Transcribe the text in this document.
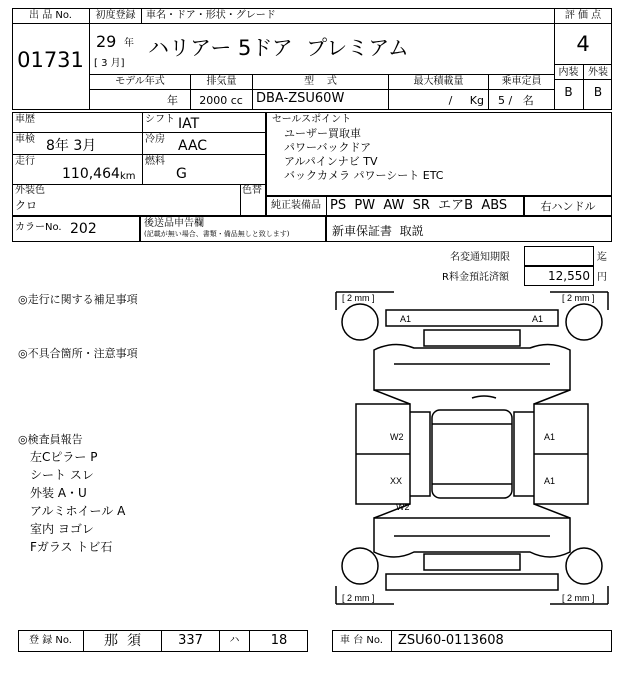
出 品 No.
01731
初度登録
29 年
[ 3 月]
車名・ドア・形状・グレード
ハリアー 5ドア  プレミアム
評 価 点
4
内装 外装
B	B
モデル年式
年
排気量
2000 cc
型    式
DBA-ZSU60W
最大積載量
/     Kg
乗車定員
5 /   名
車歴
車検 8年 3月
走行
110,464 km
外装色
クロ
色替
シフト IAT
冷房 AAC
燃料
G
カラーNo. 202	後送品申告欄
(記載が無い場合、書類・備品無しと致します)
セールスポイント
ユーザー買取車
パワーバックドア
アルパインナビ TV
バックカメラ パワーシート ETC
純正装備品 PS  PW  AW  SR  エアB  ABS	右ハンドル
新車保証書  取説
名変通知期限	迄
R料金預託済額	12,550 円
◎走行に関する補足事項
◎不具合箇所・注意事項
◎検査員報告
左Cピラー P
シート スレ
外装 A・U
アルミホイール A
室内 ヨゴレ
Fガラス トビ石
[ 2 mm ]	[ 2 mm ]
[ 2 mm ]	[ 2 mm ]
A1	A1
W2	A1
XX	A1
W2
登 録 No.	那  須	337	ハ	18	車 台 No.	ZSU60-0113608
